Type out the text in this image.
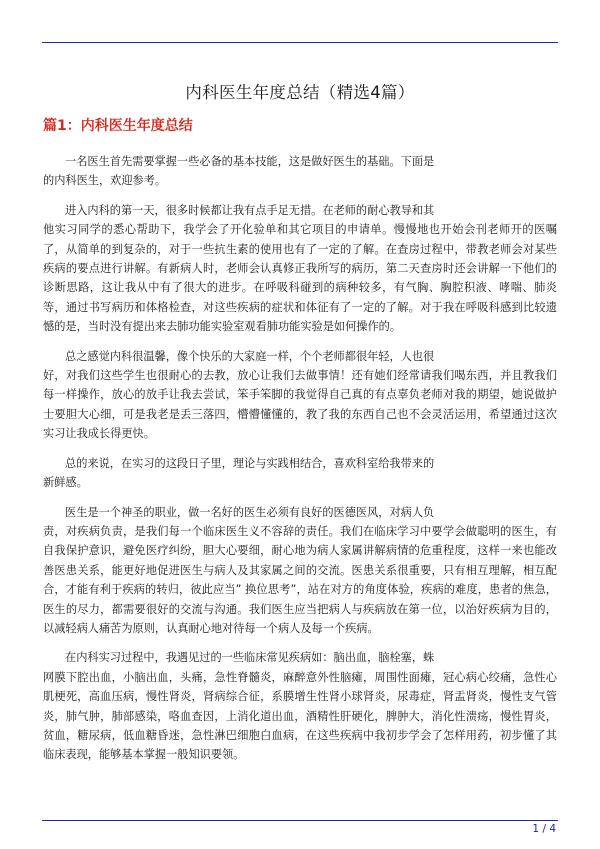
内科医生年度总结（精选4篇）
篇1：内科医生年度总结

一名医生首先需要掌握一些必备的基本技能，这是做好医生的基础。下面是
的内科医生，欢迎参考。

进入内科的第一天，很多时候都让我有点手足无措。在老师的耐心教导和其
他实习同学的悉心帮助下，我学会了开化验单和其它项目的申请单。慢慢地也开始会刊老师开的医嘱了，从简单的到复杂的，对于一些抗生素的使用也有了一定的了解。在查房过程中，带教老师会对某些疾病的要点进行讲解。有新病人时，老师会认真修正我所写的病历，第二天查房时还会讲解一下他们的诊断思路，这让我从中有了很大的进步。在呼吸科碰到的病种较多，有气胸、胸腔积液、哮喘、肺炎等，通过书写病历和体格检查，对这些疾病的症状和体征有了一定的了解。对于我在呼吸科感到比较遗憾的是，当时没有提出来去肺功能实验室观看肺功能实验是如何操作的。

总之感觉内科很温馨，像个快乐的大家庭一样，个个老师都很年轻，人也很
好，对我们这些学生也很耐心的去教，放心让我们去做事情！还有她们经常请我们喝东西，并且教我们每一样操作，放心的放手让我去尝试，笨手笨脚的我觉得自己真的有点辜负老师对我的期望，她说做护士要胆大心细，可是我老是丢三落四，懵懵懂懂的，教了我的东西自己也不会灵活运用，希望通过这次实习让我成长得更快。

总的来说，在实习的这段日子里，理论与实践相结合，喜欢科室给我带来的
新鲜感。

医生是一个神圣的职业，做一名好的医生必须有良好的医德医风，对病人负
责，对疾病负责，是我们每一个临床医生义不容辞的责任。我们在临床学习中要学会做聪明的医生，有自我保护意识，避免医疗纠纷，胆大心要细，耐心地为病人家属讲解病情的危重程度，这样一来也能改善医患关系，能更好地促进医生与病人及其家属之间的交流。医患关系很重要，只有相互理解，相互配合，才能有利于疾病的转归，彼此应当” 换位思考”，站在对方的角度体验，疾病的难度，患者的焦急，医生的尽力，都需要很好的交流与沟通。我们医生应当把病人与疾病放在第一位，以治好疾病为目的，以减轻病人痛苦为原则，认真耐心地对待每一个病人及每一个疾病。

在内科实习过程中，我遇见过的一些临床常见疾病如：脑出血，脑栓塞，蛛
网膜下腔出血，小脑出血，头痛，急性脊髓炎，麻醉意外性脑瘫，周围性面瘫，冠心病心绞痛，急性心肌梗死，高血压病，慢性肾炎，肾病综合征，系膜增生性肾小球肾炎，尿毒症，肾盂肾炎，慢性支气管炎，肺气肿，肺部感染，咯血查因，上消化道出血，酒精性肝硬化，脾肿大，消化性溃疡，慢性胃炎，贫血，糖尿病，低血糖昏迷，急性淋巴细胞白血病，在这些疾病中我初步学会了怎样用药，初步懂了其临床表现，能够基本掌握一般知识要领。

1 / 4
